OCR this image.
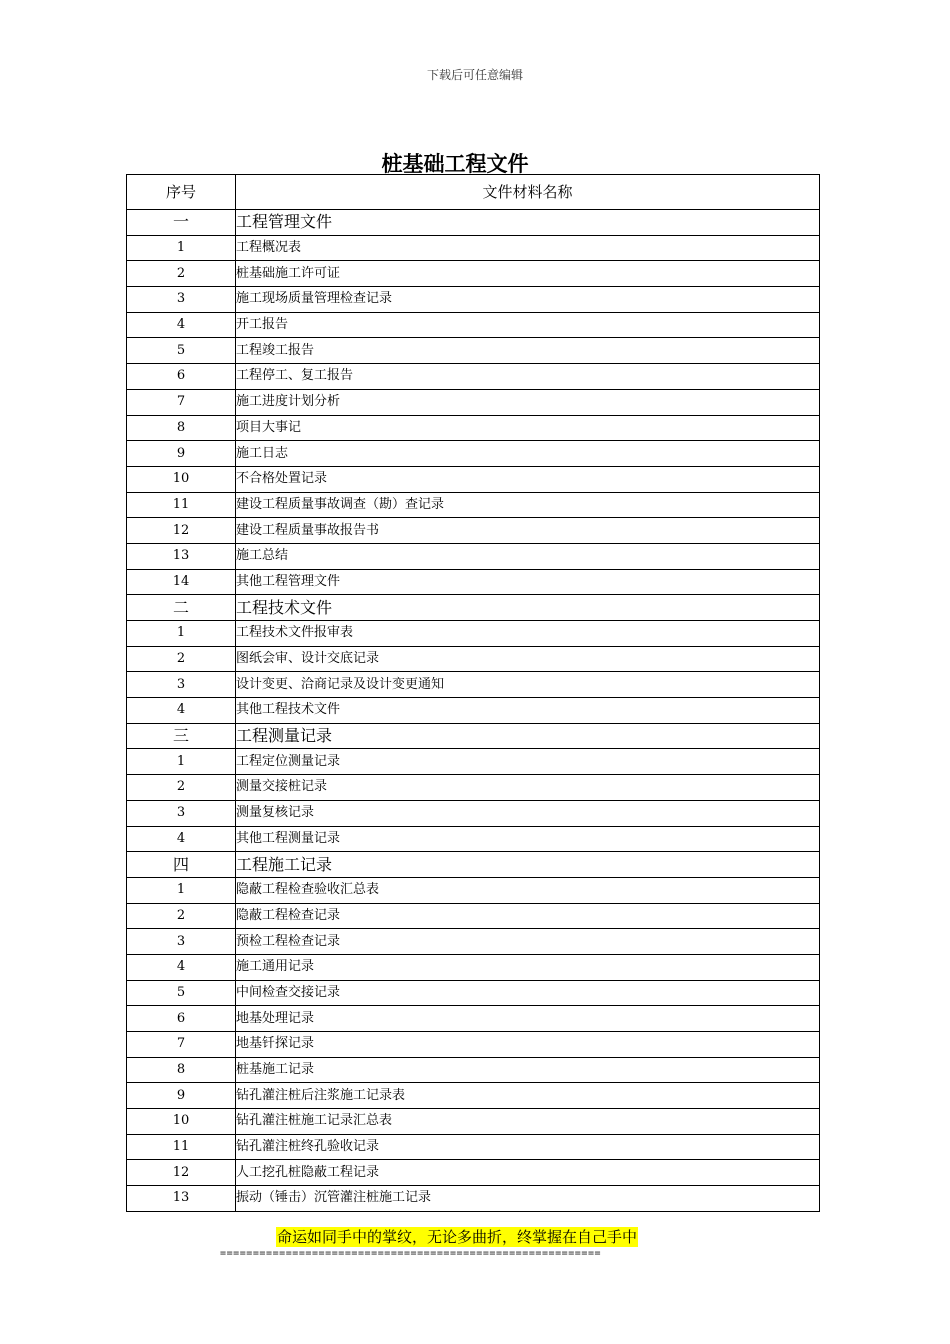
下载后可任意编辑
桩基础工程文件
序号	文件材料名称
一	工程管理文件
1	工程概况表
2	桩基础施工许可证
3	施工现场质量管理检查记录
4	开工报告
5	工程竣工报告
6	工程停工、复工报告
7	施工进度计划分析
8	项目大事记
9	施工日志
10	不合格处置记录
11	建设工程质量事故调查（勘）查记录
12	建设工程质量事故报告书
13	施工总结
14	其他工程管理文件
二	工程技术文件
1	工程技术文件报审表
2	图纸会审、设计交底记录
3	设计变更、洽商记录及设计变更通知
4	其他工程技术文件
三	工程测量记录
1	工程定位测量记录
2	测量交接桩记录
3	测量复核记录
4	其他工程测量记录
四	工程施工记录
1	隐蔽工程检查验收汇总表
2	隐蔽工程检查记录
3	预检工程检查记录
4	施工通用记录
5	中间检查交接记录
6	地基处理记录
7	地基钎探记录
8	桩基施工记录
9	钻孔灌注桩后注浆施工记录表
10	钻孔灌注桩施工记录汇总表
11	钻孔灌注桩终孔验收记录
12	人工挖孔桩隐蔽工程记录
13	振动（锤击）沉管灌注桩施工记录
命运如同手中的掌纹，无论多曲折，终掌握在自己手中
==========================================================
